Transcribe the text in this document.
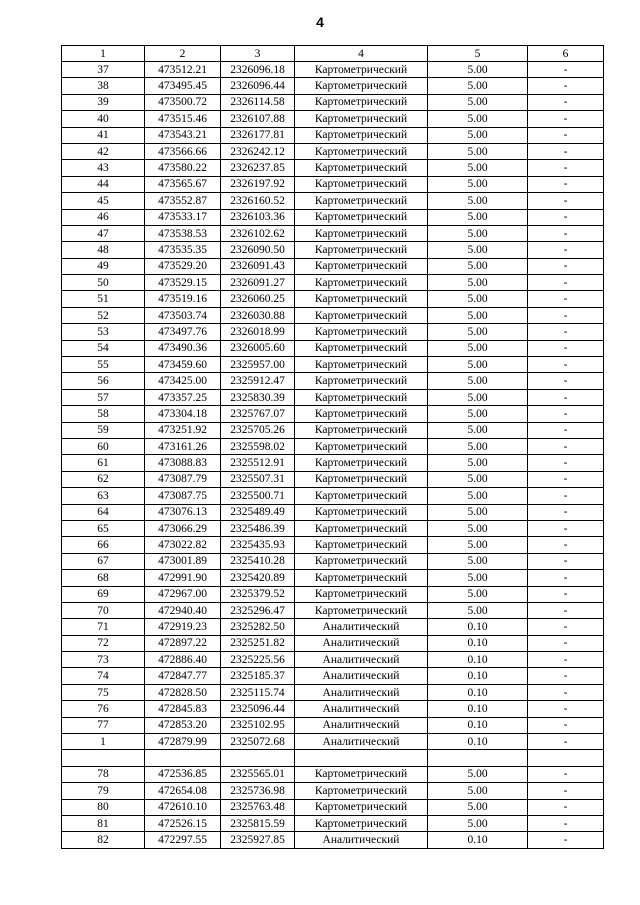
4
1	2	3	4	5	6
37	473512.21	2326096.18	Картометрический	5.00	-
38	473495.45	2326096.44	Картометрический	5.00	-
39	473500.72	2326114.58	Картометрический	5.00	-
40	473515.46	2326107.88	Картометрический	5.00	-
41	473543.21	2326177.81	Картометрический	5.00	-
42	473566.66	2326242.12	Картометрический	5.00	-
43	473580.22	2326237.85	Картометрический	5.00	-
44	473565.67	2326197.92	Картометрический	5.00	-
45	473552.87	2326160.52	Картометрический	5.00	-
46	473533.17	2326103.36	Картометрический	5.00	-
47	473538.53	2326102.62	Картометрический	5.00	-
48	473535.35	2326090.50	Картометрический	5.00	-
49	473529.20	2326091.43	Картометрический	5.00	-
50	473529.15	2326091.27	Картометрический	5.00	-
51	473519.16	2326060.25	Картометрический	5.00	-
52	473503.74	2326030.88	Картометрический	5.00	-
53	473497.76	2326018.99	Картометрический	5.00	-
54	473490.36	2326005.60	Картометрический	5.00	-
55	473459.60	2325957.00	Картометрический	5.00	-
56	473425.00	2325912.47	Картометрический	5.00	-
57	473357.25	2325830.39	Картометрический	5.00	-
58	473304.18	2325767.07	Картометрический	5.00	-
59	473251.92	2325705.26	Картометрический	5.00	-
60	473161.26	2325598.02	Картометрический	5.00	-
61	473088.83	2325512.91	Картометрический	5.00	-
62	473087.79	2325507.31	Картометрический	5.00	-
63	473087.75	2325500.71	Картометрический	5.00	-
64	473076.13	2325489.49	Картометрический	5.00	-
65	473066.29	2325486.39	Картометрический	5.00	-
66	473022.82	2325435.93	Картометрический	5.00	-
67	473001.89	2325410.28	Картометрический	5.00	-
68	472991.90	2325420.89	Картометрический	5.00	-
69	472967.00	2325379.52	Картометрический	5.00	-
70	472940.40	2325296.47	Картометрический	5.00	-
71	472919.23	2325282.50	Аналитический	0.10	-
72	472897.22	2325251.82	Аналитический	0.10	-
73	472886.40	2325225.56	Аналитический	0.10	-
74	472847.77	2325185.37	Аналитический	0.10	-
75	472828.50	2325115.74	Аналитический	0.10	-
76	472845.83	2325096.44	Аналитический	0.10	-
77	472853.20	2325102.95	Аналитический	0.10	-
1	472879.99	2325072.68	Аналитический	0.10	-

78	472536.85	2325565.01	Картометрический	5.00	-
79	472654.08	2325736.98	Картометрический	5.00	-
80	472610.10	2325763.48	Картометрический	5.00	-
81	472526.15	2325815.59	Картометрический	5.00	-
82	472297.55	2325927.85	Аналитический	0.10	-
